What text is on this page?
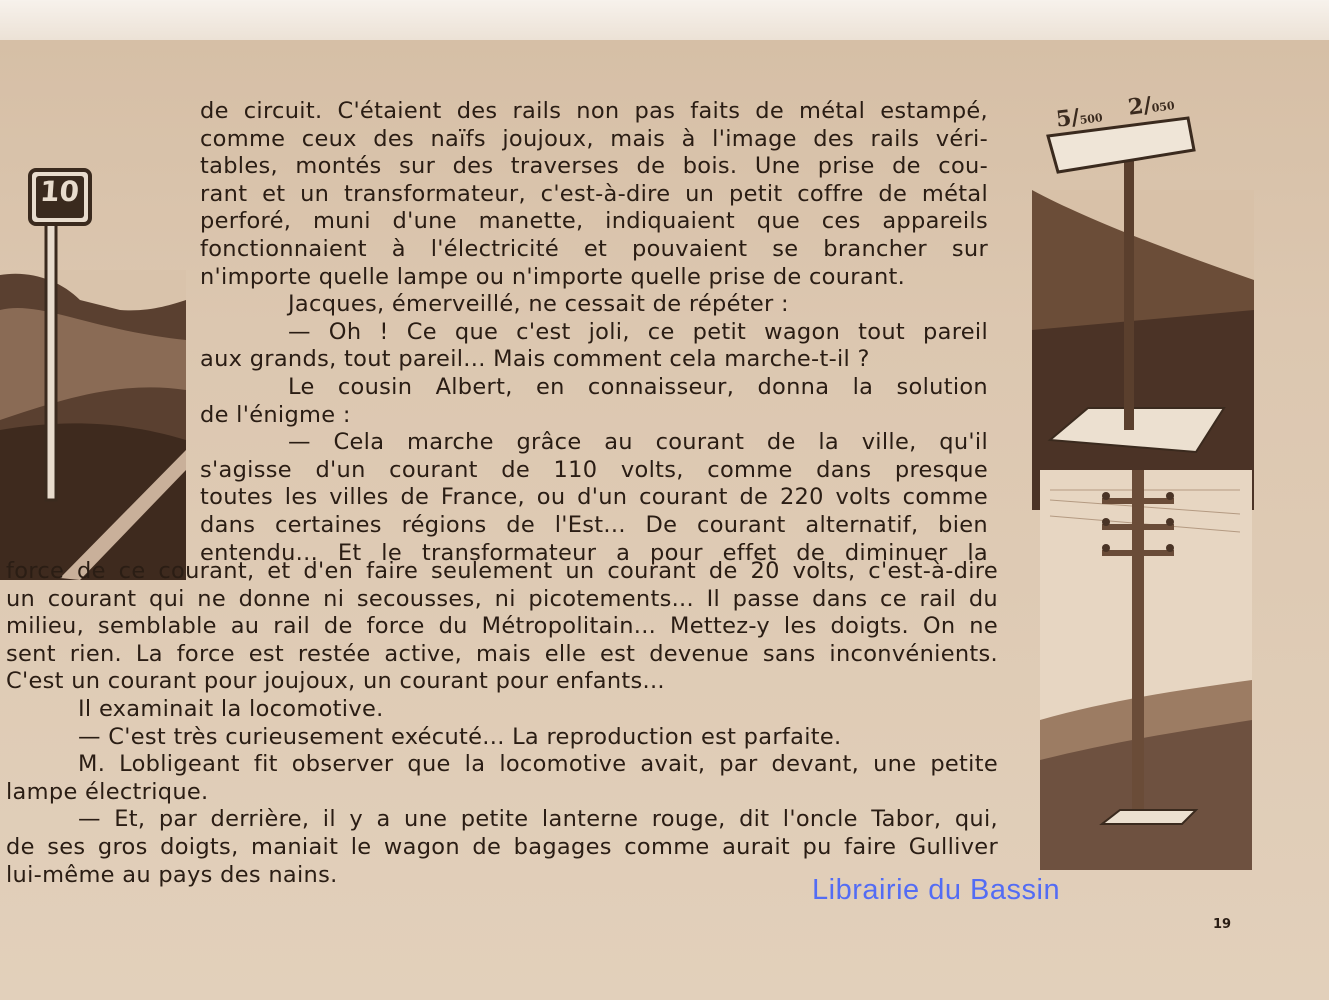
10
5/500 2/050
de circuit. C'étaient des rails non pas faits de métal estampé,
comme ceux des naïfs joujoux, mais à l'image des rails véri-
tables, montés sur des traverses de bois. Une prise de cou-
rant et un transformateur, c'est-à-dire un petit coffre de métal
perforé, muni d'une manette, indiquaient que ces appareils
fonctionnaient à l'électricité et pouvaient se brancher sur
n'importe quelle lampe ou n'importe quelle prise de courant.
Jacques, émerveillé, ne cessait de répéter :
— Oh ! Ce que c'est joli, ce petit wagon tout pareil
aux grands, tout pareil... Mais comment cela marche-t-il ?
Le cousin Albert, en connaisseur, donna la solution
de l'énigme :
— Cela marche grâce au courant de la ville, qu'il
s'agisse d'un courant de 110 volts, comme dans presque
toutes les villes de France, ou d'un courant de 220 volts comme
dans certaines régions de l'Est... De courant alternatif, bien
entendu... Et le transformateur a pour effet de diminuer la
force de ce courant, et d'en faire seulement un courant de 20 volts, c'est-à-dire
un courant qui ne donne ni secousses, ni picotements... Il passe dans ce rail du
milieu, semblable au rail de force du Métropolitain... Mettez-y les doigts. On ne
sent rien. La force est restée active, mais elle est devenue sans inconvénients.
C'est un courant pour joujoux, un courant pour enfants...
Il examinait la locomotive.
— C'est très curieusement exécuté... La reproduction est parfaite.
M. Lobligeant fit observer que la locomotive avait, par devant, une petite
lampe électrique.
— Et, par derrière, il y a une petite lanterne rouge, dit l'oncle Tabor, qui,
de ses gros doigts, maniait le wagon de bagages comme aurait pu faire Gulliver
lui-même au pays des nains.
19
Librairie du Bassin
